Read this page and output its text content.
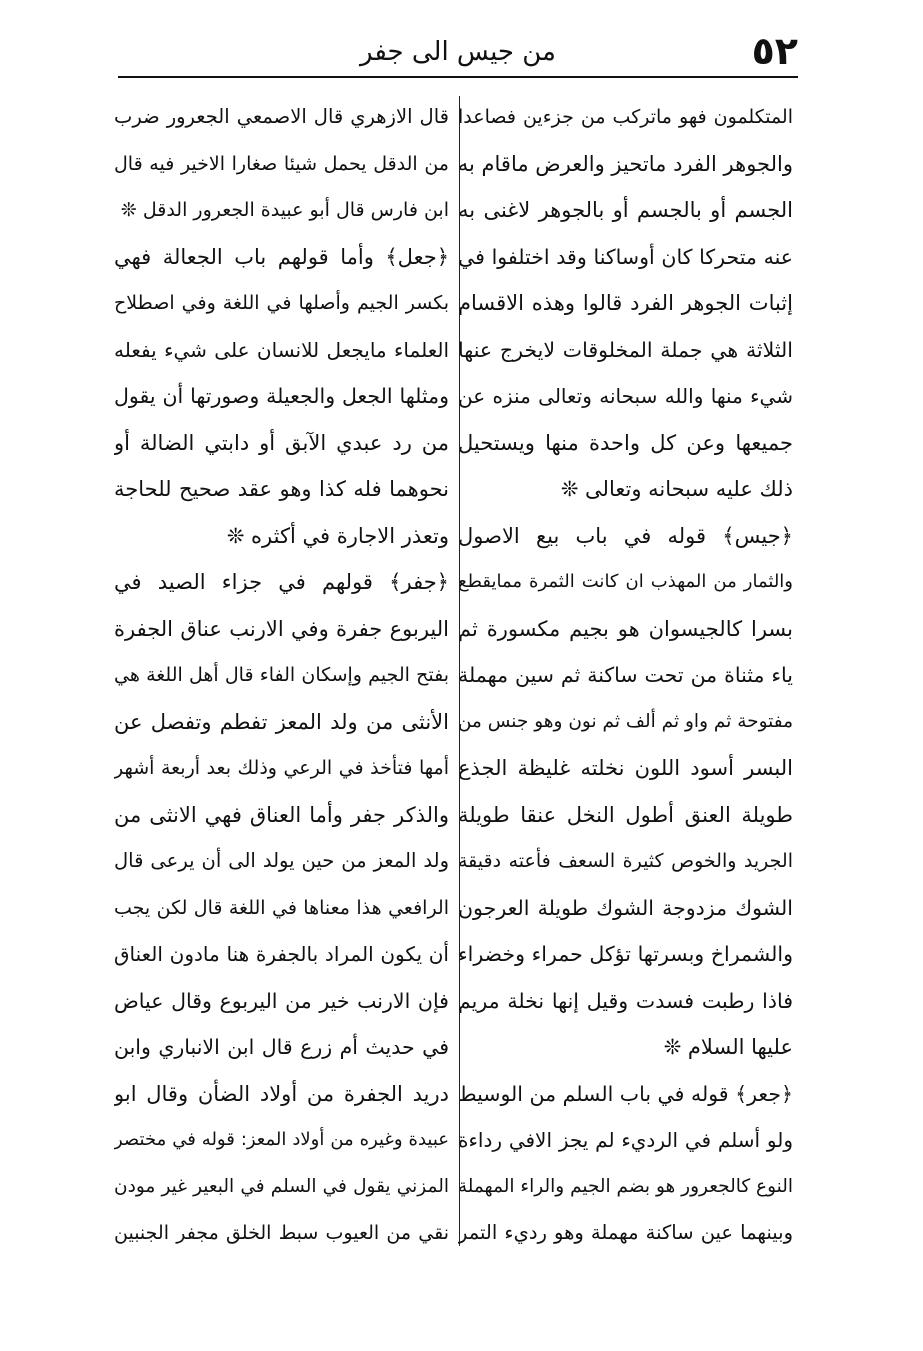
٥٢
من جيس الى جفر
المتكلمون فهو ماتركب من جزءين فصاعدا
والجوهر الفرد ماتحيز والعرض ماقام به
الجسم أو بالجسم أو بالجوهر لاغنى به
عنه متحركا كان أوساكنا وقد اختلفوا في
إثبات الجوهر الفرد قالوا وهذه الاقسام
الثلاثة هي جملة المخلوقات لايخرج عنها
شيء منها والله سبحانه وتعالى منزه عن
جميعها وعن كل واحدة منها ويستحيل
ذلك عليه سبحانه وتعالى ❊
﴿جيس﴾ قوله في باب بيع الاصول
والثمار من المهذب ان كانت الثمرة ممايقطع
بسرا كالجيسوان هو بجيم مكسورة ثم
ياء مثناة من تحت ساكنة ثم سين مهملة
مفتوحة ثم واو ثم ألف ثم نون وهو جنس من
البسر أسود اللون نخلته غليظة الجذع
طويلة العنق أطول النخل عنقا طويلة
الجريد والخوص كثيرة السعف فأعته دقيقة
الشوك مزدوجة الشوك طويلة العرجون
والشمراخ وبسرتها تؤكل حمراء وخضراء
فاذا رطبت فسدت وقيل إنها نخلة مريم
عليها السلام ❊
﴿جعر﴾ قوله في باب السلم من الوسيط
ولو أسلم في الرديء لم يجز الافي رداءة
النوع كالجعرور هو بضم الجيم والراء المهملة
وبينهما عين ساكنة مهملة وهو رديء التمر
قال الازهري قال الاصمعي الجعرور ضرب
من الدقل يحمل شيئا صغارا الاخير فيه قال
ابن فارس قال أبو عبيدة الجعرور الدقل ❊
﴿جعل﴾ وأما قولهم باب الجعالة فهي
بكسر الجيم وأصلها في اللغة وفي اصطلاح
العلماء مايجعل للانسان على شيء يفعله
ومثلها الجعل والجعيلة وصورتها أن يقول
من رد عبدي الآبق أو دابتي الضالة أو
نحوهما فله كذا وهو عقد صحيح للحاجة
وتعذر الاجارة في أكثره ❊
﴿جفر﴾ قولهم في جزاء الصيد في
اليربوع جفرة وفي الارنب عناق الجفرة
بفتح الجيم وإسكان الفاء قال أهل اللغة هي
الأنثى من ولد المعز تفطم وتفصل عن
أمها فتأخذ في الرعي وذلك بعد أربعة أشهر
والذكر جفر وأما العناق فهي الانثى من
ولد المعز من حين يولد الى أن يرعى قال
الرافعي هذا معناها في اللغة قال لكن يجب
أن يكون المراد بالجفرة هنا مادون العناق
فإن الارنب خير من اليربوع وقال عياض
في حديث أم زرع قال ابن الانباري وابن
دريد الجفرة من أولاد الضأن وقال ابو
عبيدة وغيره من أولاد المعز: قوله في مختصر
المزني يقول في السلم في البعير غير مودن
نقي من العيوب سبط الخلق مجفر الجنبين
